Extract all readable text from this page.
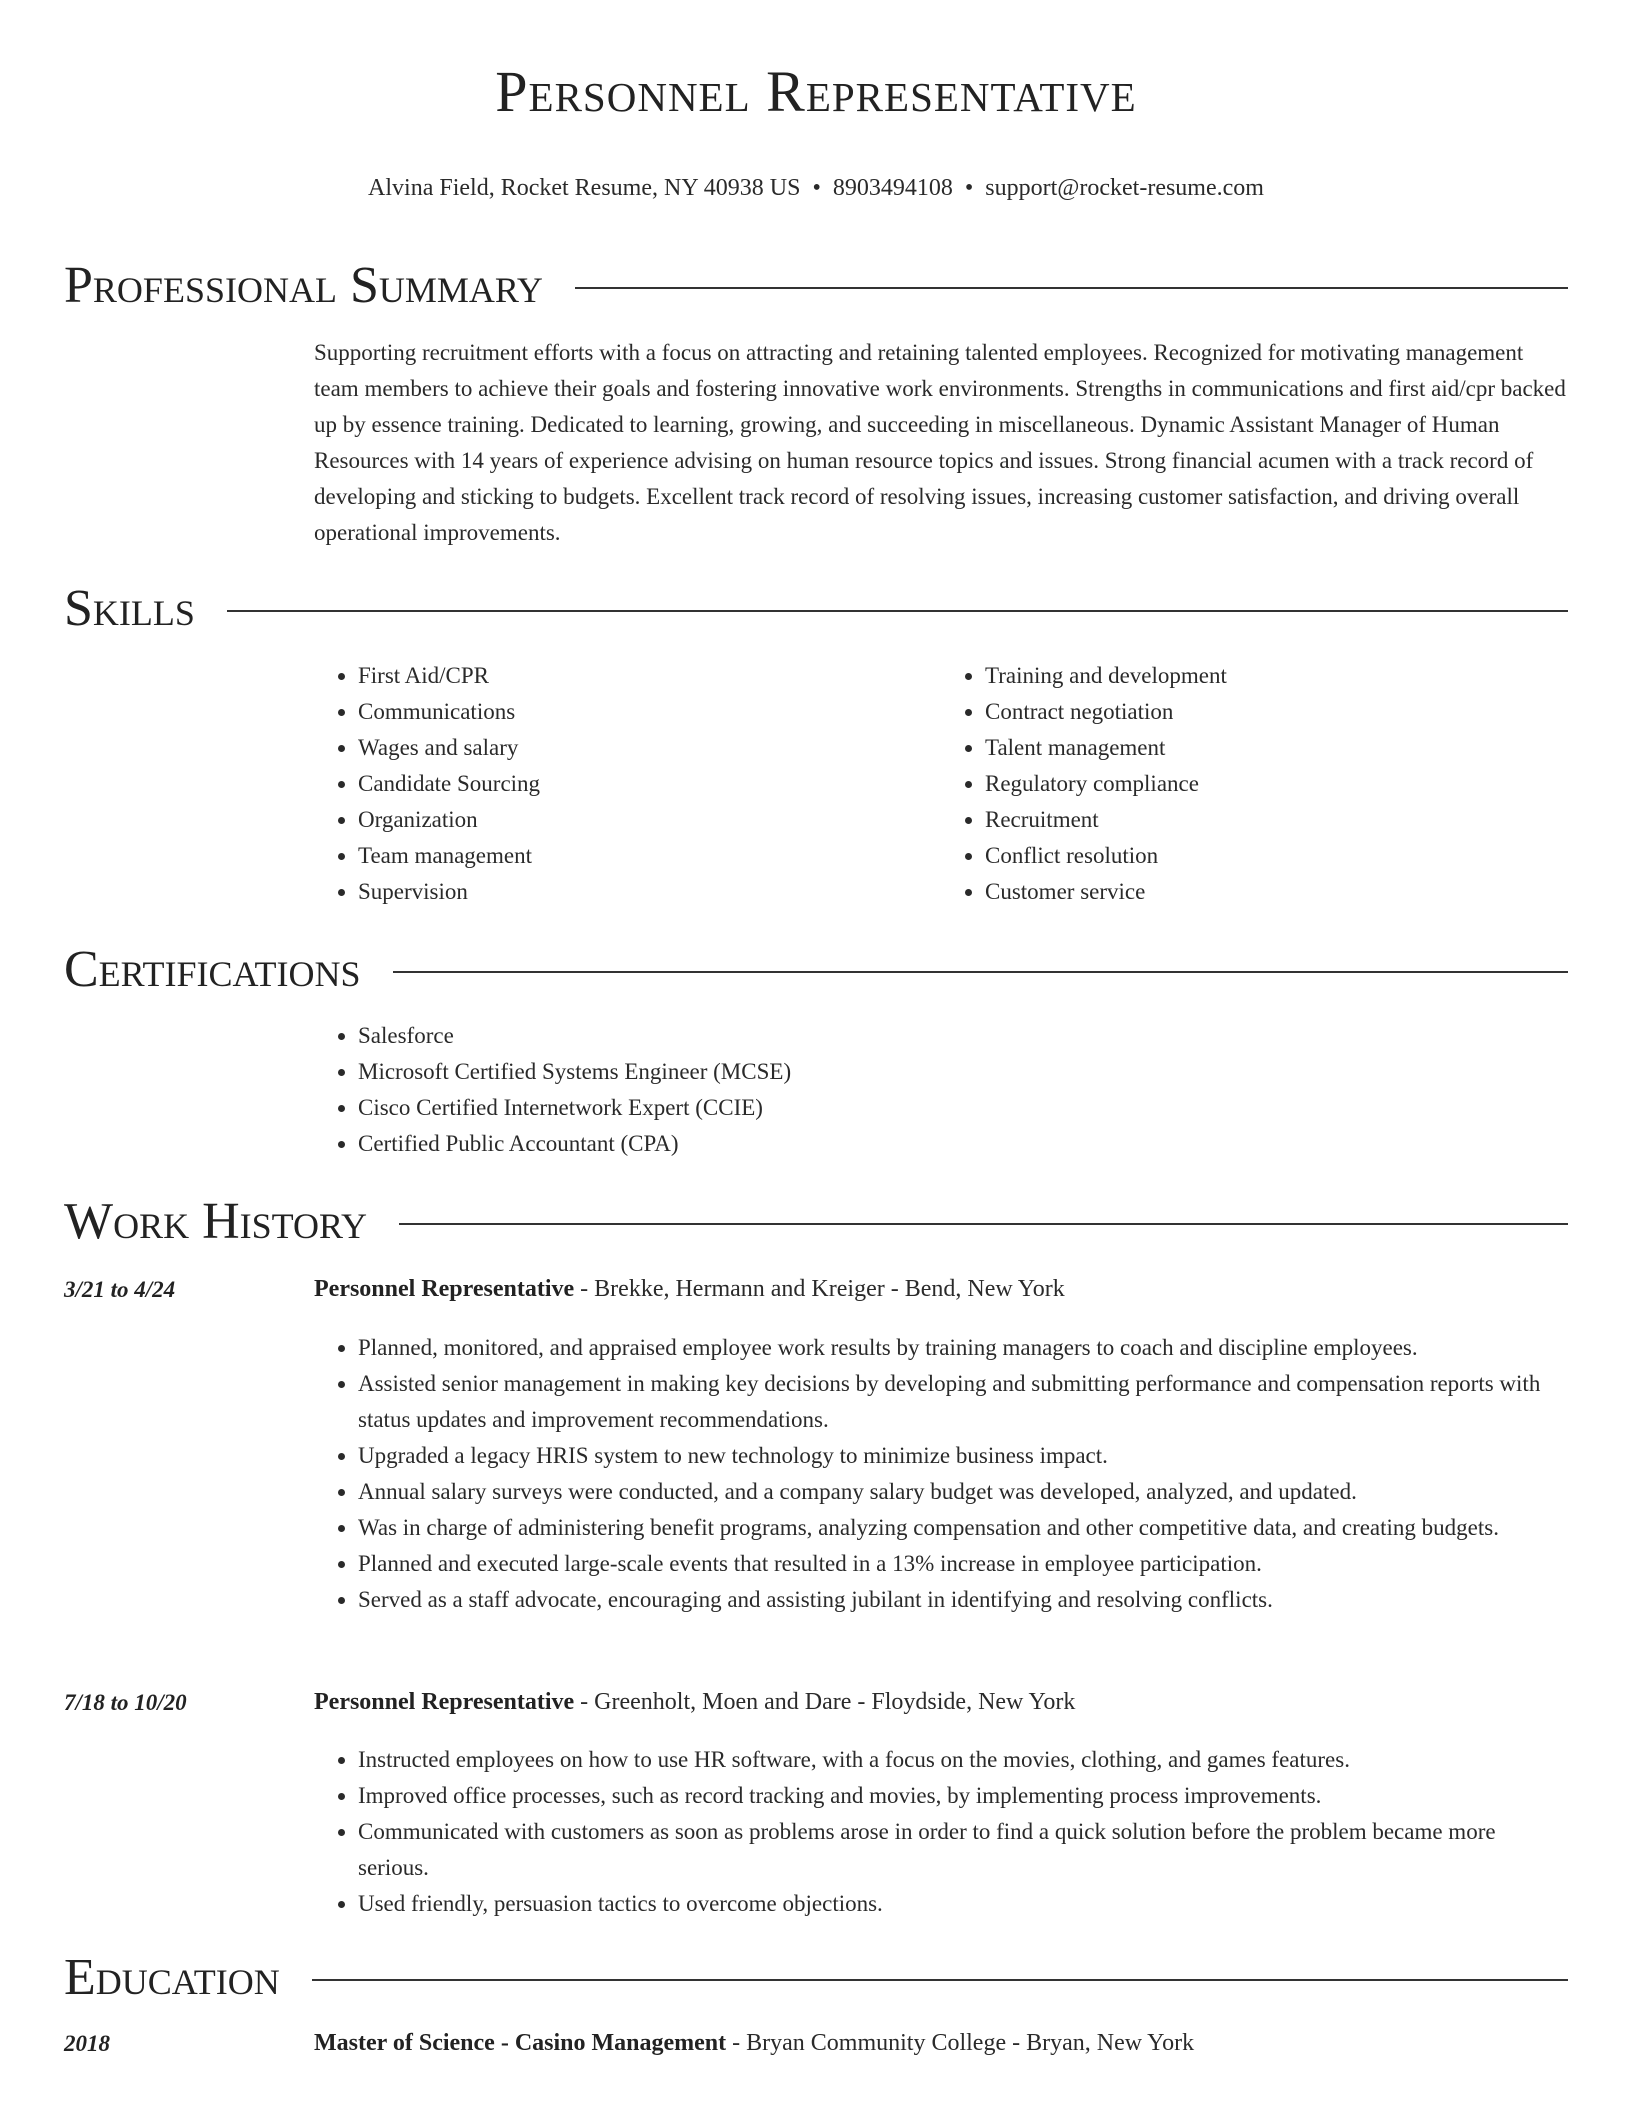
Personnel Representative
Alvina Field, Rocket Resume, NY 40938 US • 8903494108 • support@rocket-resume.com
Professional Summary
Supporting recruitment efforts with a focus on attracting and retaining talented employees. Recognized for motivating management team members to achieve their goals and fostering innovative work environments. Strengths in communications and first aid/cpr backed up by essence training. Dedicated to learning, growing, and succeeding in miscellaneous. Dynamic Assistant Manager of Human Resources with 14 years of experience advising on human resource topics and issues. Strong financial acumen with a track record of developing and sticking to budgets. Excellent track record of resolving issues, increasing customer satisfaction, and driving overall operational improvements.
Skills
• First Aid/CPR
• Communications
• Wages and salary
• Candidate Sourcing
• Organization
• Team management
• Supervision
• Training and development
• Contract negotiation
• Talent management
• Regulatory compliance
• Recruitment
• Conflict resolution
• Customer service
Certifications
• Salesforce
• Microsoft Certified Systems Engineer (MCSE)
• Cisco Certified Internetwork Expert (CCIE)
• Certified Public Accountant (CPA)
Work History
3/21 to 4/24	Personnel Representative - Brekke, Hermann and Kreiger - Bend, New York
• Planned, monitored, and appraised employee work results by training managers to coach and discipline employees.
• Assisted senior management in making key decisions by developing and submitting performance and compensation reports with status updates and improvement recommendations.
• Upgraded a legacy HRIS system to new technology to minimize business impact.
• Annual salary surveys were conducted, and a company salary budget was developed, analyzed, and updated.
• Was in charge of administering benefit programs, analyzing compensation and other competitive data, and creating budgets.
• Planned and executed large-scale events that resulted in a 13% increase in employee participation.
• Served as a staff advocate, encouraging and assisting jubilant in identifying and resolving conflicts.
7/18 to 10/20	Personnel Representative - Greenholt, Moen and Dare - Floydside, New York
• Instructed employees on how to use HR software, with a focus on the movies, clothing, and games features.
• Improved office processes, such as record tracking and movies, by implementing process improvements.
• Communicated with customers as soon as problems arose in order to find a quick solution before the problem became more serious.
• Used friendly, persuasion tactics to overcome objections.
Education
2018	Master of Science - Casino Management - Bryan Community College - Bryan, New York
